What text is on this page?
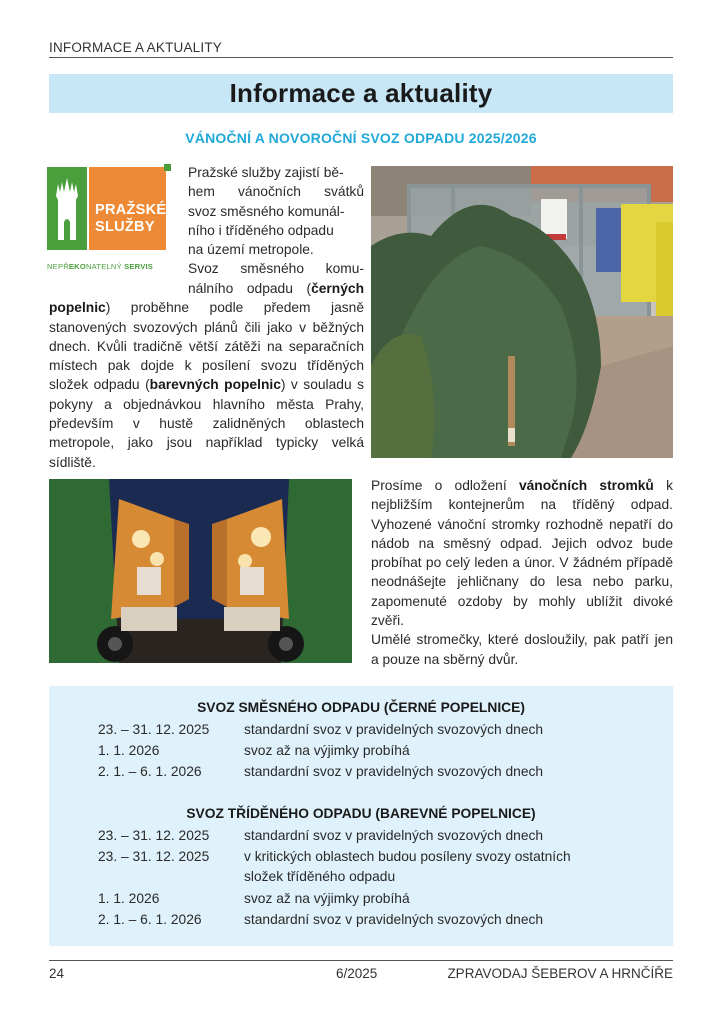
INFORMACE A AKTUALITY
Informace a aktuality
VÁNOČNÍ A NOVOROČNÍ SVOZ ODPADU 2025/2026
PRAŽSKÉ
SLUŽBY
NEPŘEKONATELNÝ SERVIS
Pražské služby zajistí bě-
hem vánočních svátků
svoz směsného komunál-
ního i tříděného odpadu
na území metropole.
Svoz směsného komu-
nálního odpadu (černých popelnic) proběhne podle předem jasně stanovených svozových plánů čili jako v běžných dnech. Kvůli tradičně větší zátěži na separačních místech pak dojde k posílení svozu tříděných složek odpadu (barevných popelnic) v souladu s pokyny a objednávkou hlavního města Prahy, především v hustě zalidněných oblastech metropole, jako jsou například typicky velká sídliště.
Prosíme o odložení vánočních stromků k nejbližším kontejnerům na tříděný odpad. Vyhozené vánoční stromky rozhodně nepatří do nádob na směsný odpad. Jejich odvoz bude probíhat po celý leden a únor. V žádném případě neodnášejte jehličnany do lesa nebo parku, zapomenuté ozdoby by mohly ublížit divoké zvěři.
Umělé stromečky, které dosloužily, pak patří jen a pouze na sběrný dvůr.
SVOZ SMĚSNÉHO ODPADU (ČERNÉ POPELNICE)
23. – 31. 12. 2025	standardní svoz v pravidelných svozových dnech
1. 1. 2026	svoz až na výjimky probíhá
2. 1. – 6. 1. 2026	standardní svoz v pravidelných svozových dnech
SVOZ TŘÍDĚNÉHO ODPADU (BAREVNÉ POPELNICE)
23. – 31. 12. 2025	standardní svoz v pravidelných svozových dnech
23. – 31. 12. 2025	v kritických oblastech budou posíleny svozy ostatních
složek tříděného odpadu
1. 1. 2026	svoz až na výjimky probíhá
2. 1. – 6. 1. 2026	standardní svoz v pravidelných svozových dnech
24	6/2025	ZPRAVODAJ ŠEBEROV A HRNČÍŘE
